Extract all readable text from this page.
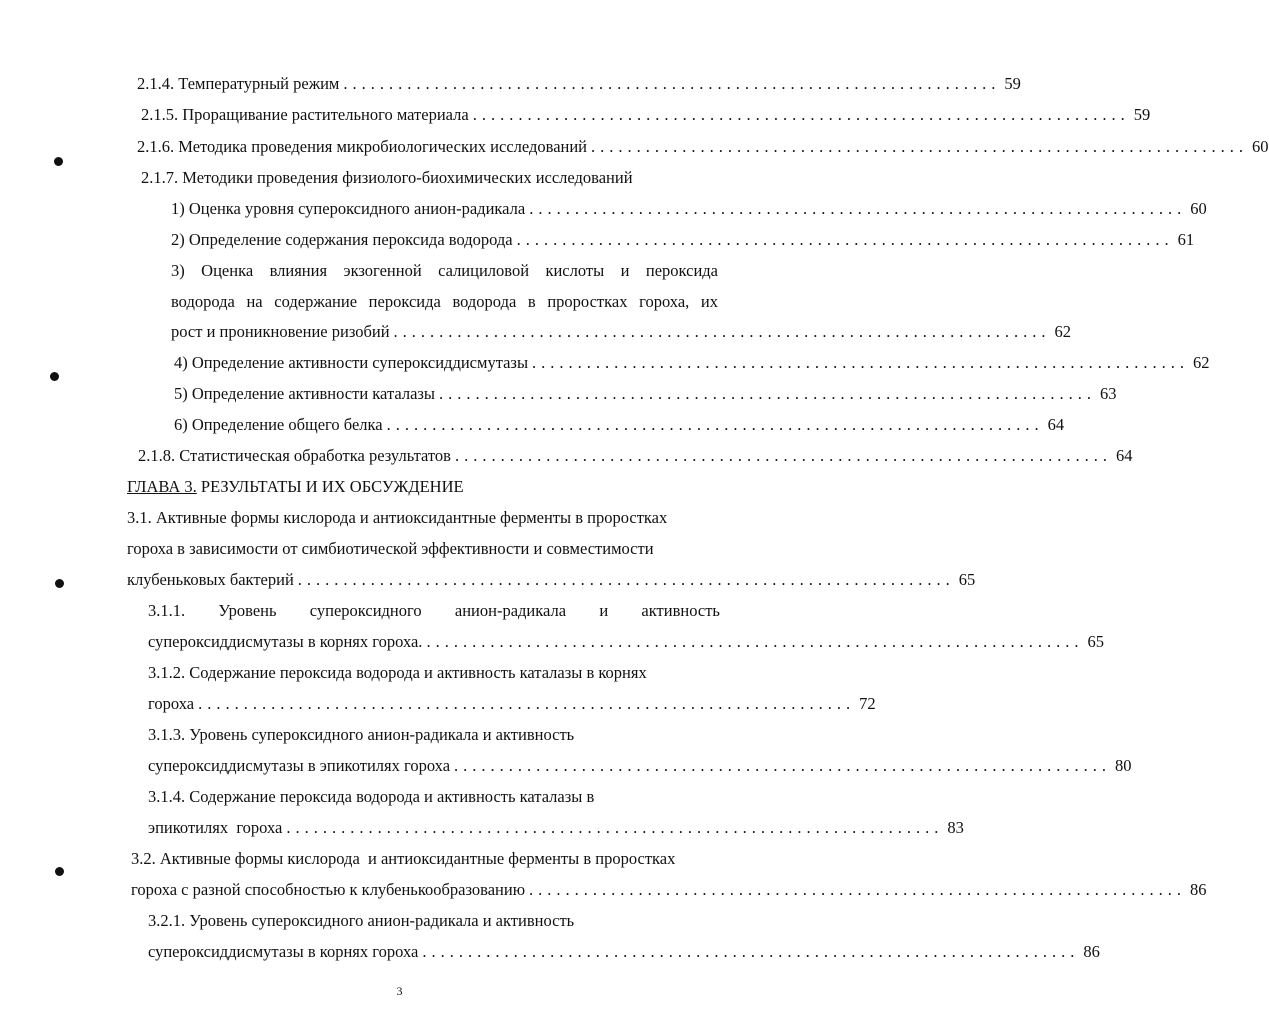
2.1.4. Температурный режим ........................................................................ 59
2.1.5. Проращивание растительного материала ........................................................................ 59
2.1.6. Методика проведения микробиологических исследований ........................................................................ 60
2.1.7. Методики проведения физиолого-биохимических исследований
1) Оценка уровня супероксидного анион-радикала ........................................................................ 60
2) Определение содержания пероксида водорода ........................................................................ 61
3) Оценка влияния экзогенной салициловой кислоты и пероксида
водорода на содержание пероксида водорода в проростках гороха, их
рост и проникновение ризобий ........................................................................ 62
4) Определение активности супероксиддисмутазы ........................................................................ 62
5) Определение активности каталазы ........................................................................ 63
6) Определение общего белка ........................................................................ 64
2.1.8. Статистическая обработка результатов ........................................................................ 64
ГЛАВА 3. РЕЗУЛЬТАТЫ И ИХ ОБСУЖДЕНИЕ
3.1. Активные формы кислорода и антиоксидантные ферменты в проростках
гороха в зависимости от симбиотической эффективности и совместимости
клубеньковых бактерий ........................................................................ 65
3.1.1. Уровень супероксидного анион-радикала и активность
супероксиддисмутазы в корнях гороха. ........................................................................ 65
3.1.2. Содержание пероксида водорода и активность каталазы в корнях
гороха ........................................................................ 72
3.1.3. Уровень супероксидного анион-радикала и активность
супероксиддисмутазы в эпикотилях гороха ........................................................................ 80
3.1.4. Содержание пероксида водорода и активность каталазы в
эпикотилях  гороха ........................................................................ 83
3.2. Активные формы кислорода  и антиоксидантные ферменты в проростках
гороха с разной способностью к клубенькообразованию ........................................................................ 86
3.2.1. Уровень супероксидного анион-радикала и активность
супероксиддисмутазы в корнях гороха ........................................................................ 86
3
